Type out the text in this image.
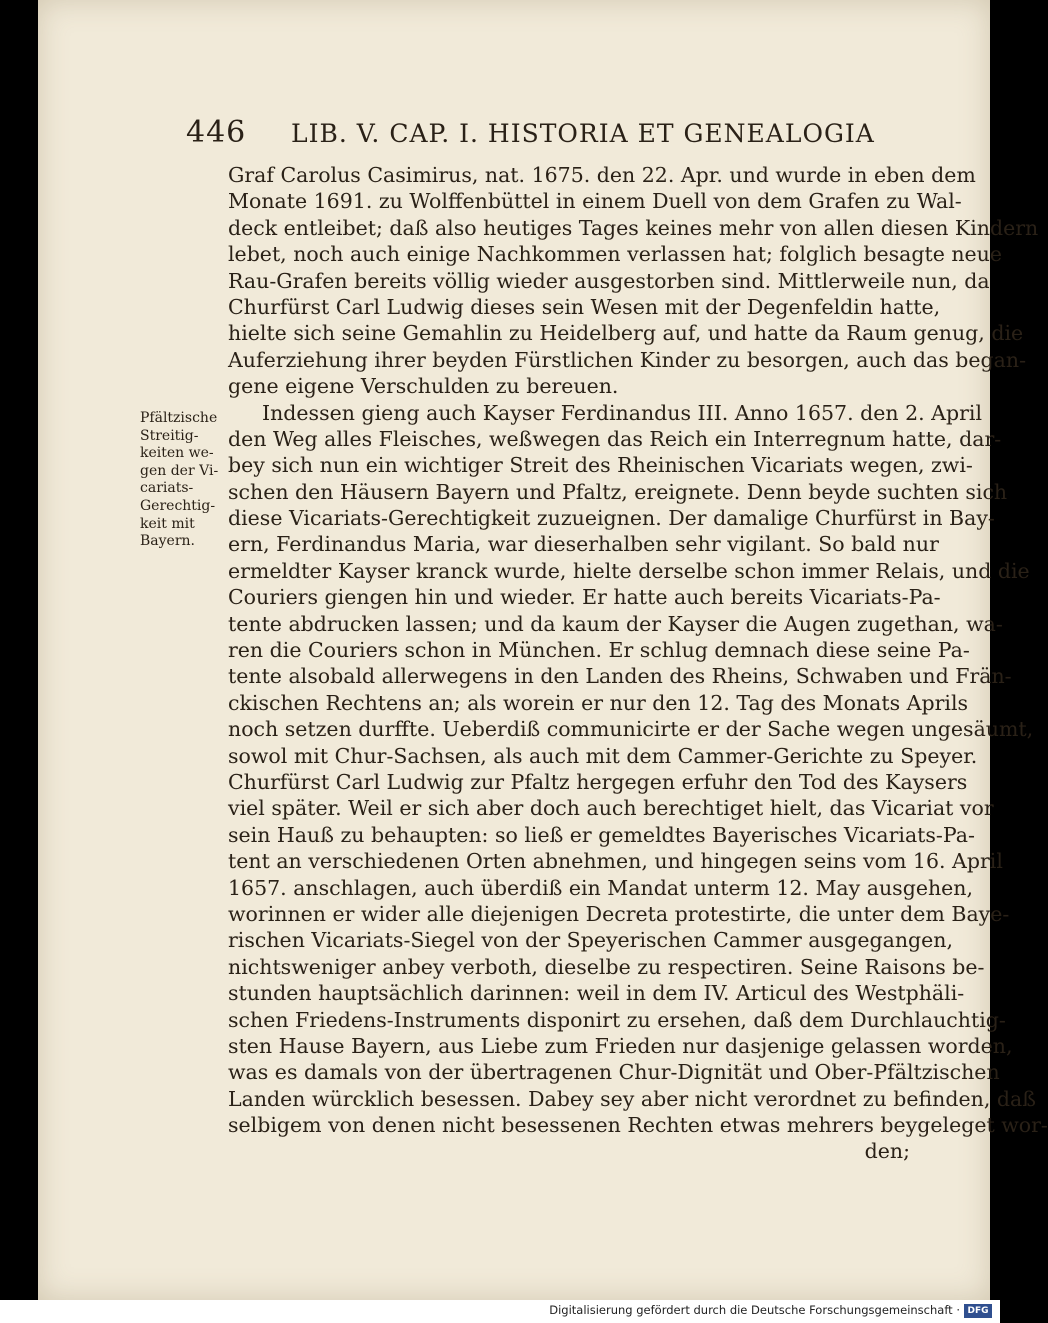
446 LIB. V. CAP. I. HISTORIA ET GENEALOGIA
Pfältzische
Streitig-
keiten we-
gen der Vi-
cariats-
Gerechtig-
keit mit
Bayern.
Graf Carolus Casimirus, nat. 1675. den 22. Apr. und wurde in eben dem
Monate 1691. zu Wolffenbüttel in einem Duell von dem Grafen zu Wal-
deck entleibet; daß also heutiges Tages keines mehr von allen diesen Kindern
lebet, noch auch einige Nachkommen verlassen hat; folglich besagte neue
Rau-Grafen bereits völlig wieder ausgestorben sind. Mittlerweile nun, da
Churfürst Carl Ludwig dieses sein Wesen mit der Degenfeldin hatte,
hielte sich seine Gemahlin zu Heidelberg auf, und hatte da Raum genug, die
Auferziehung ihrer beyden Fürstlichen Kinder zu besorgen, auch das began-
gene eigene Verschulden zu bereuen.
Indessen gieng auch Kayser Ferdinandus III. Anno 1657. den 2. April
den Weg alles Fleisches, weßwegen das Reich ein Interregnum hatte, dar-
bey sich nun ein wichtiger Streit des Rheinischen Vicariats wegen, zwi-
schen den Häusern Bayern und Pfaltz, ereignete. Denn beyde suchten sich
diese Vicariats-Gerechtigkeit zuzueignen. Der damalige Churfürst in Bay-
ern, Ferdinandus Maria, war dieserhalben sehr vigilant. So bald nur
ermeldter Kayser kranck wurde, hielte derselbe schon immer Relais, und die
Couriers giengen hin und wieder. Er hatte auch bereits Vicariats-Pa-
tente abdrucken lassen; und da kaum der Kayser die Augen zugethan, wa-
ren die Couriers schon in München. Er schlug demnach diese seine Pa-
tente alsobald allerwegens in den Landen des Rheins, Schwaben und Frän-
ckischen Rechtens an; als worein er nur den 12. Tag des Monats Aprils
noch setzen durffte. Ueberdiß communicirte er der Sache wegen ungesäumt,
sowol mit Chur-Sachsen, als auch mit dem Cammer-Gerichte zu Speyer.
Churfürst Carl Ludwig zur Pfaltz hergegen erfuhr den Tod des Kaysers
viel später. Weil er sich aber doch auch berechtiget hielt, das Vicariat vor
sein Hauß zu behaupten: so ließ er gemeldtes Bayerisches Vicariats-Pa-
tent an verschiedenen Orten abnehmen, und hingegen seins vom 16. April
1657. anschlagen, auch überdiß ein Mandat unterm 12. May ausgehen,
worinnen er wider alle diejenigen Decreta protestirte, die unter dem Baye-
rischen Vicariats-Siegel von der Speyerischen Cammer ausgegangen,
nichtsweniger anbey verboth, dieselbe zu respectiren. Seine Raisons be-
stunden hauptsächlich darinnen: weil in dem IV. Articul des Westphäli-
schen Friedens-Instruments disponirt zu ersehen, daß dem Durchlauchtig-
sten Hause Bayern, aus Liebe zum Frieden nur dasjenige gelassen worden,
was es damals von der übertragenen Chur-Dignität und Ober-Pfältzischen
Landen würcklich besessen. Dabey sey aber nicht verordnet zu befinden, daß
selbigem von denen nicht besessenen Rechten etwas mehrers beygeleget wor-
den;
Digitalisierung gefördert durch die Deutsche Forschungsgemeinschaft · DFG
